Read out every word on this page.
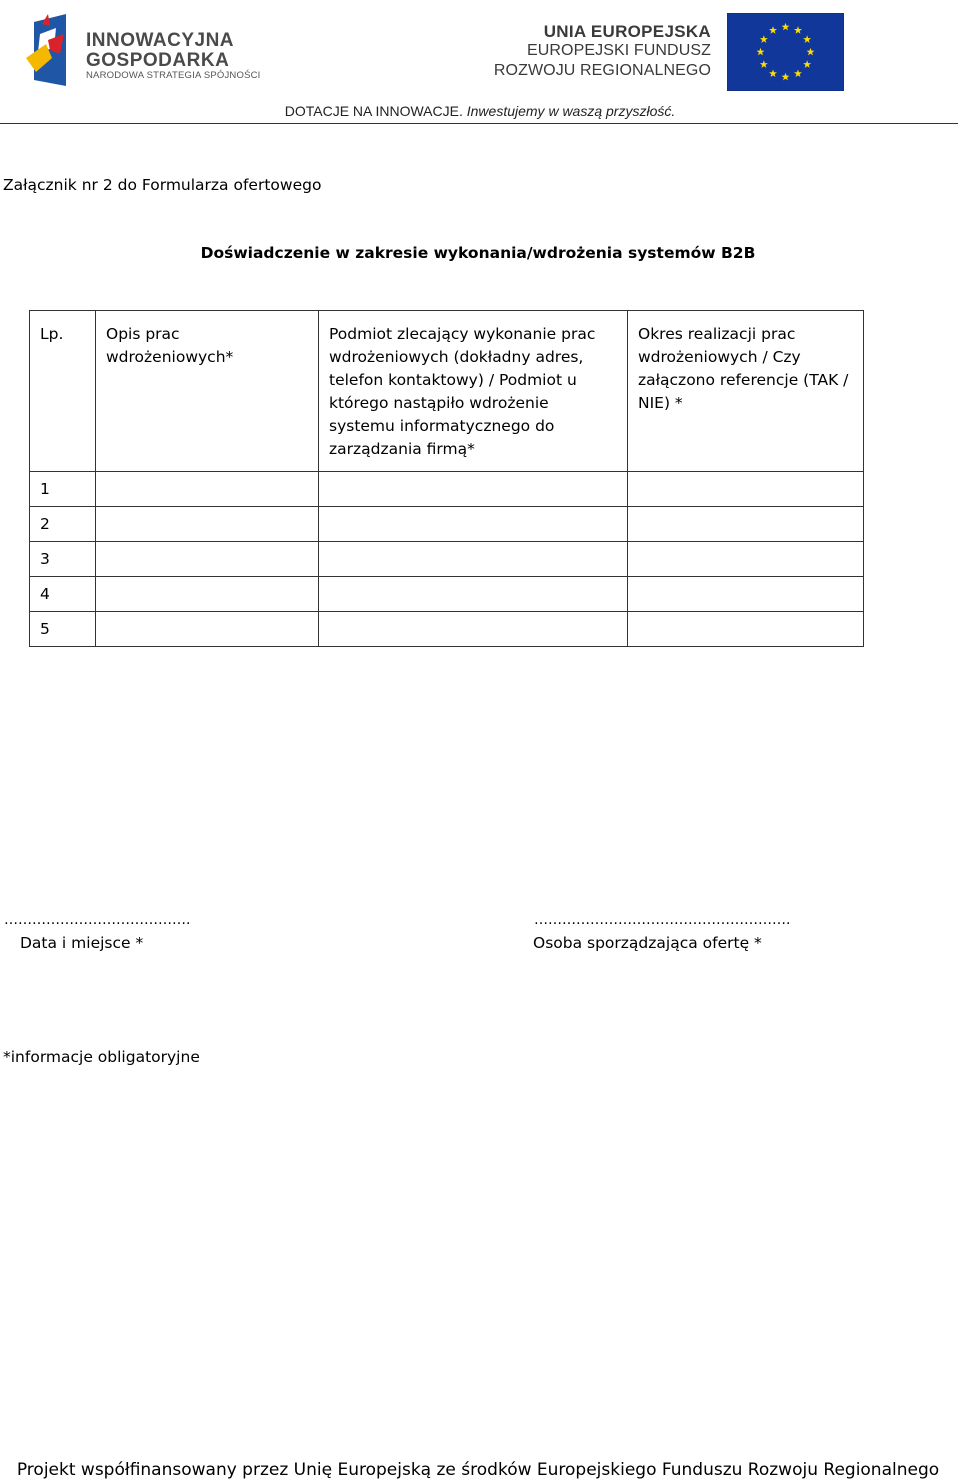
INNOWACYJNA
GOSPODARKA
NARODOWA STRATEGIA SPÓJNOŚCI
UNIA EUROPEJSKA
EUROPEJSKI FUNDUSZ
ROZWOJU REGIONALNEGO
DOTACJE NA INNOWACJE. Inwestujemy w waszą przyszłość.
Załącznik nr 2 do Formularza ofertowego
Doświadczenie w zakresie wykonania/wdrożenia systemów B2B
Lp.	Opis prac wdrożeniowych*	Podmiot zlecający wykonanie prac wdrożeniowych (dokładny adres, telefon kontaktowy) / Podmiot u którego nastąpiło wdrożenie systemu informatycznego do zarządzania firmą*	Okres realizacji prac wdrożeniowych / Czy załączono referencje (TAK / NIE) *
1			
2			
3			
4			
5			
………………………………….
Data i miejsce *
……………………………………………….
Osoba sporządzająca ofertę *
*informacje obligatoryjne
Projekt współfinansowany przez Unię Europejską ze środków Europejskiego Funduszu Rozwoju Regionalnego
